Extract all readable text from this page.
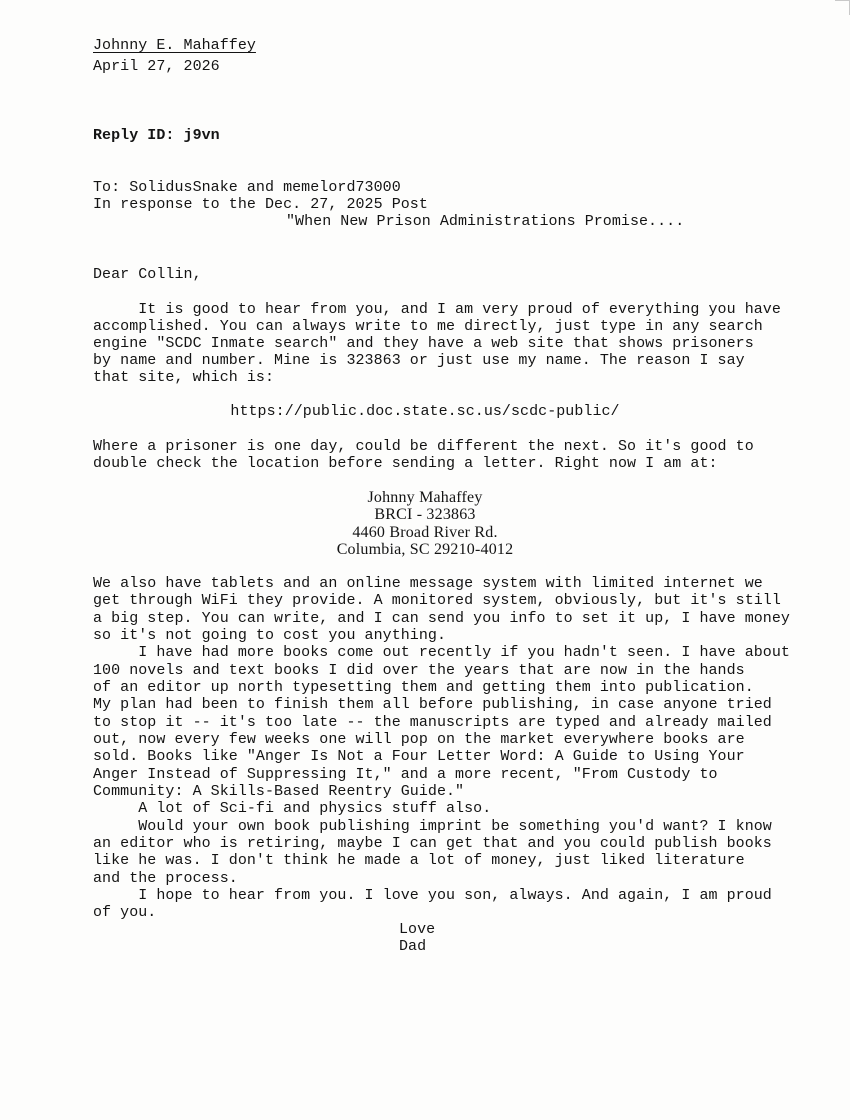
Johnny E. Mahaffey
April 27, 2026
Reply ID: j9vn
To: SolidusSnake and memelord73000
In response to the Dec. 27, 2025 Post
"When New Prison Administrations Promise....
Dear Collin,
It is good to hear from you, and I am very proud of everything you have
accomplished. You can always write to me directly, just type in any search
engine "SCDC Inmate search" and they have a web site that shows prisoners
by name and number. Mine is 323863 or just use my name. The reason I say
that site, which is:
https://public.doc.state.sc.us/scdc-public/
Where a prisoner is one day, could be different the next. So it's good to
double check the location before sending a letter. Right now I am at:
Johnny Mahaffey
BRCI - 323863
4460 Broad River Rd.
Columbia, SC 29210-4012
We also have tablets and an online message system with limited internet we
get through WiFi they provide. A monitored system, obviously, but it's still
a big step. You can write, and I can send you info to set it up, I have money
so it's not going to cost you anything.
I have had more books come out recently if you hadn't seen. I have about
100 novels and text books I did over the years that are now in the hands
of an editor up north typesetting them and getting them into publication.
My plan had been to finish them all before publishing, in case anyone tried
to stop it -- it's too late -- the manuscripts are typed and already mailed
out, now every few weeks one will pop on the market everywhere books are
sold. Books like "Anger Is Not a Four Letter Word: A Guide to Using Your
Anger Instead of Suppressing It," and a more recent, "From Custody to
Community: A Skills-Based Reentry Guide."
A lot of Sci-fi and physics stuff also.
Would your own book publishing imprint be something you'd want? I know
an editor who is retiring, maybe I can get that and you could publish books
like he was. I don't think he made a lot of money, just liked literature
and the process.
I hope to hear from you. I love you son, always. And again, I am proud
of you.
Love
Dad
